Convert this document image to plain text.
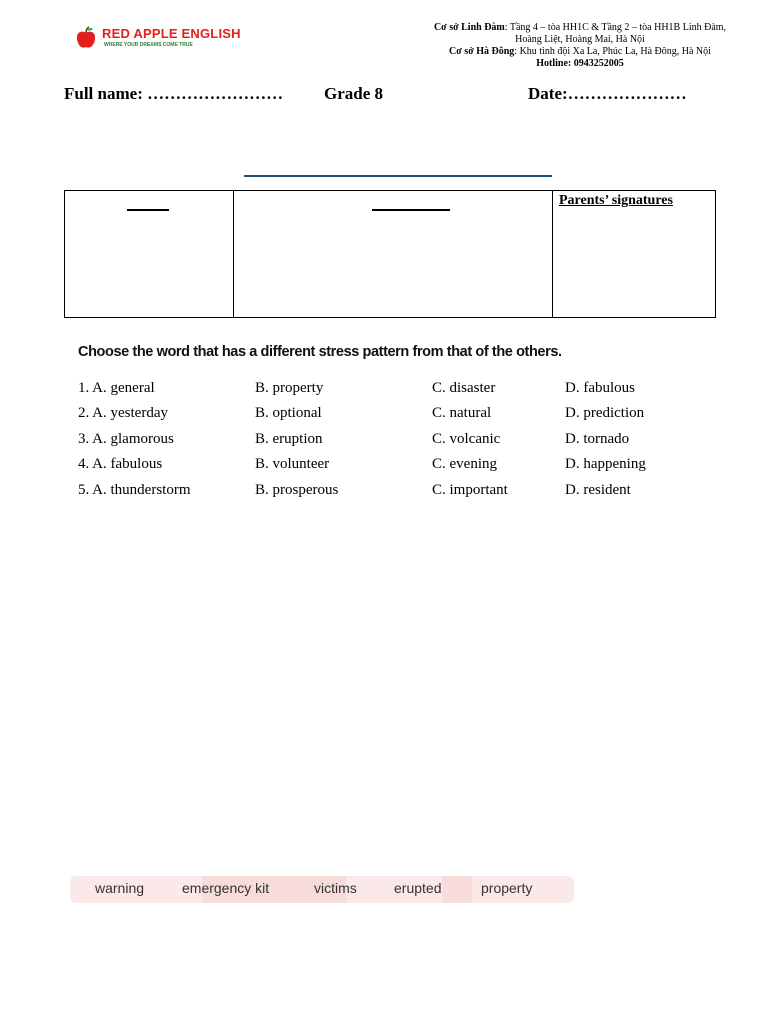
RED APPLE ENGLISH
WHERE YOUR DREAMS COME TRUE
Cơ sở Linh Đàm: Tầng 4 – tòa HH1C & Tầng 2 – tòa HH1B Linh Đàm, Hoàng Liệt, Hoàng Mai, Hà Nội
Cơ sở Hà Đông: Khu tình đội Xa La, Phúc La, Hà Đông, Hà Nội
Hotline: 0943252005
Full name: …………………… Grade 8	Date:…………………
Parents’ signatures
Choose the word that has a different stress pattern from that of the others.
1. A. general	B. property	C. disaster	D. fabulous
2. A. yesterday	B. optional	C. natural	D. prediction
3. A. glamorous	B. eruption	C. volcanic	D. tornado
4. A. fabulous	B. volunteer	C. evening	D. happening
5. A. thunderstorm	B. prosperous	C. important	D. resident
warning	emergency kit	victims	erupted	property
